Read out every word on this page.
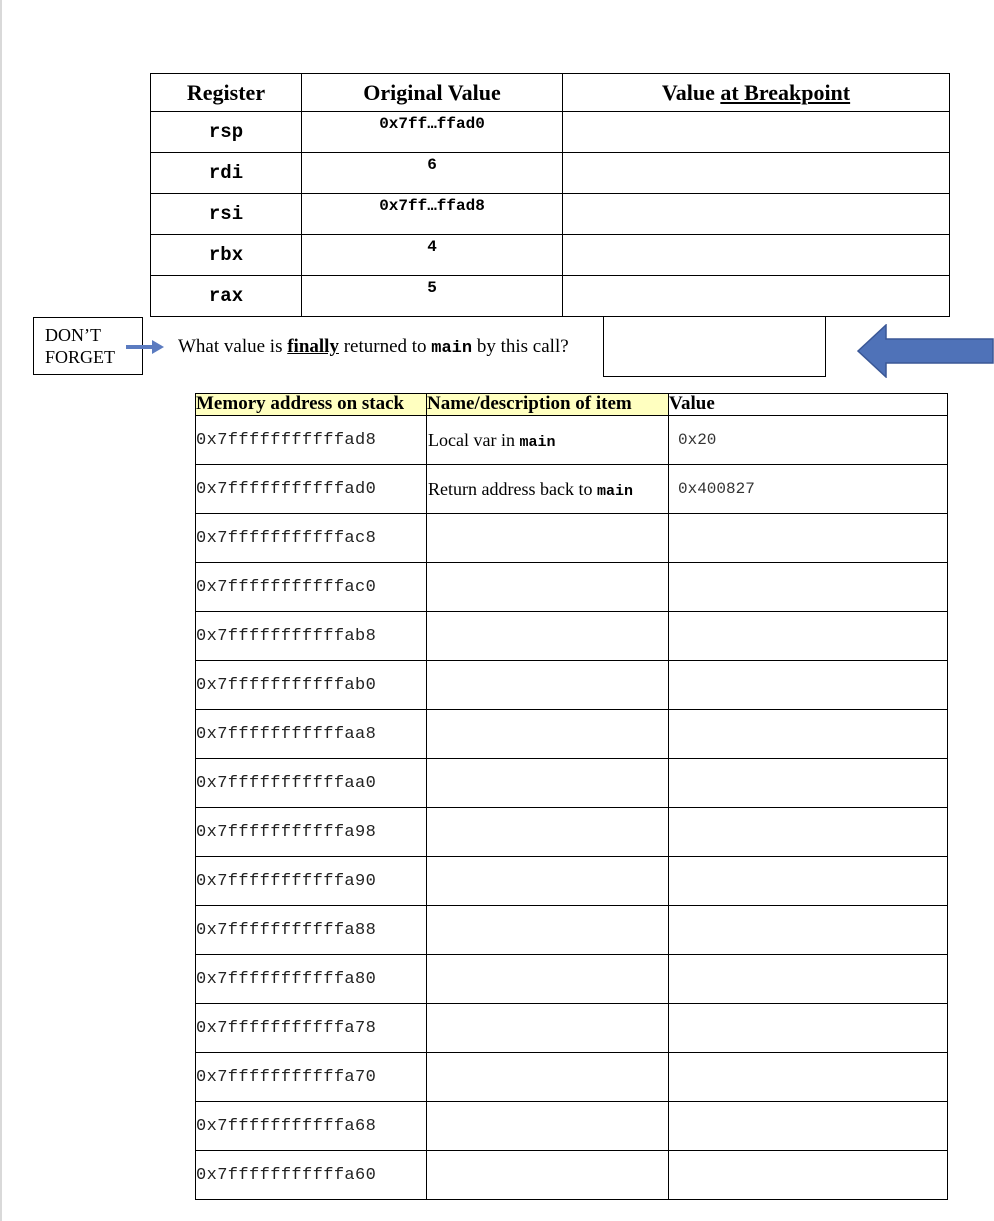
Register	Original Value	Value at Breakpoint
rsp	0x7ff…ffad0	
rdi	6	
rsi	0x7ff…ffad8	
rbx	4	
rax	5	
DON’T
FORGET	What value is finally returned to main by this call?
Memory address on stack	Name/description of item	Value
0x7fffffffffffad8	Local var in main	0x20
0x7fffffffffffad0	Return address back to main	0x400827
0x7fffffffffffac8		
0x7fffffffffffac0		
0x7fffffffffffab8		
0x7fffffffffffab0		
0x7fffffffffffaa8		
0x7fffffffffffaa0		
0x7fffffffffffa98		
0x7fffffffffffa90		
0x7fffffffffffa88		
0x7fffffffffffa80		
0x7fffffffffffa78		
0x7fffffffffffa70		
0x7fffffffffffa68		
0x7fffffffffffa60		
